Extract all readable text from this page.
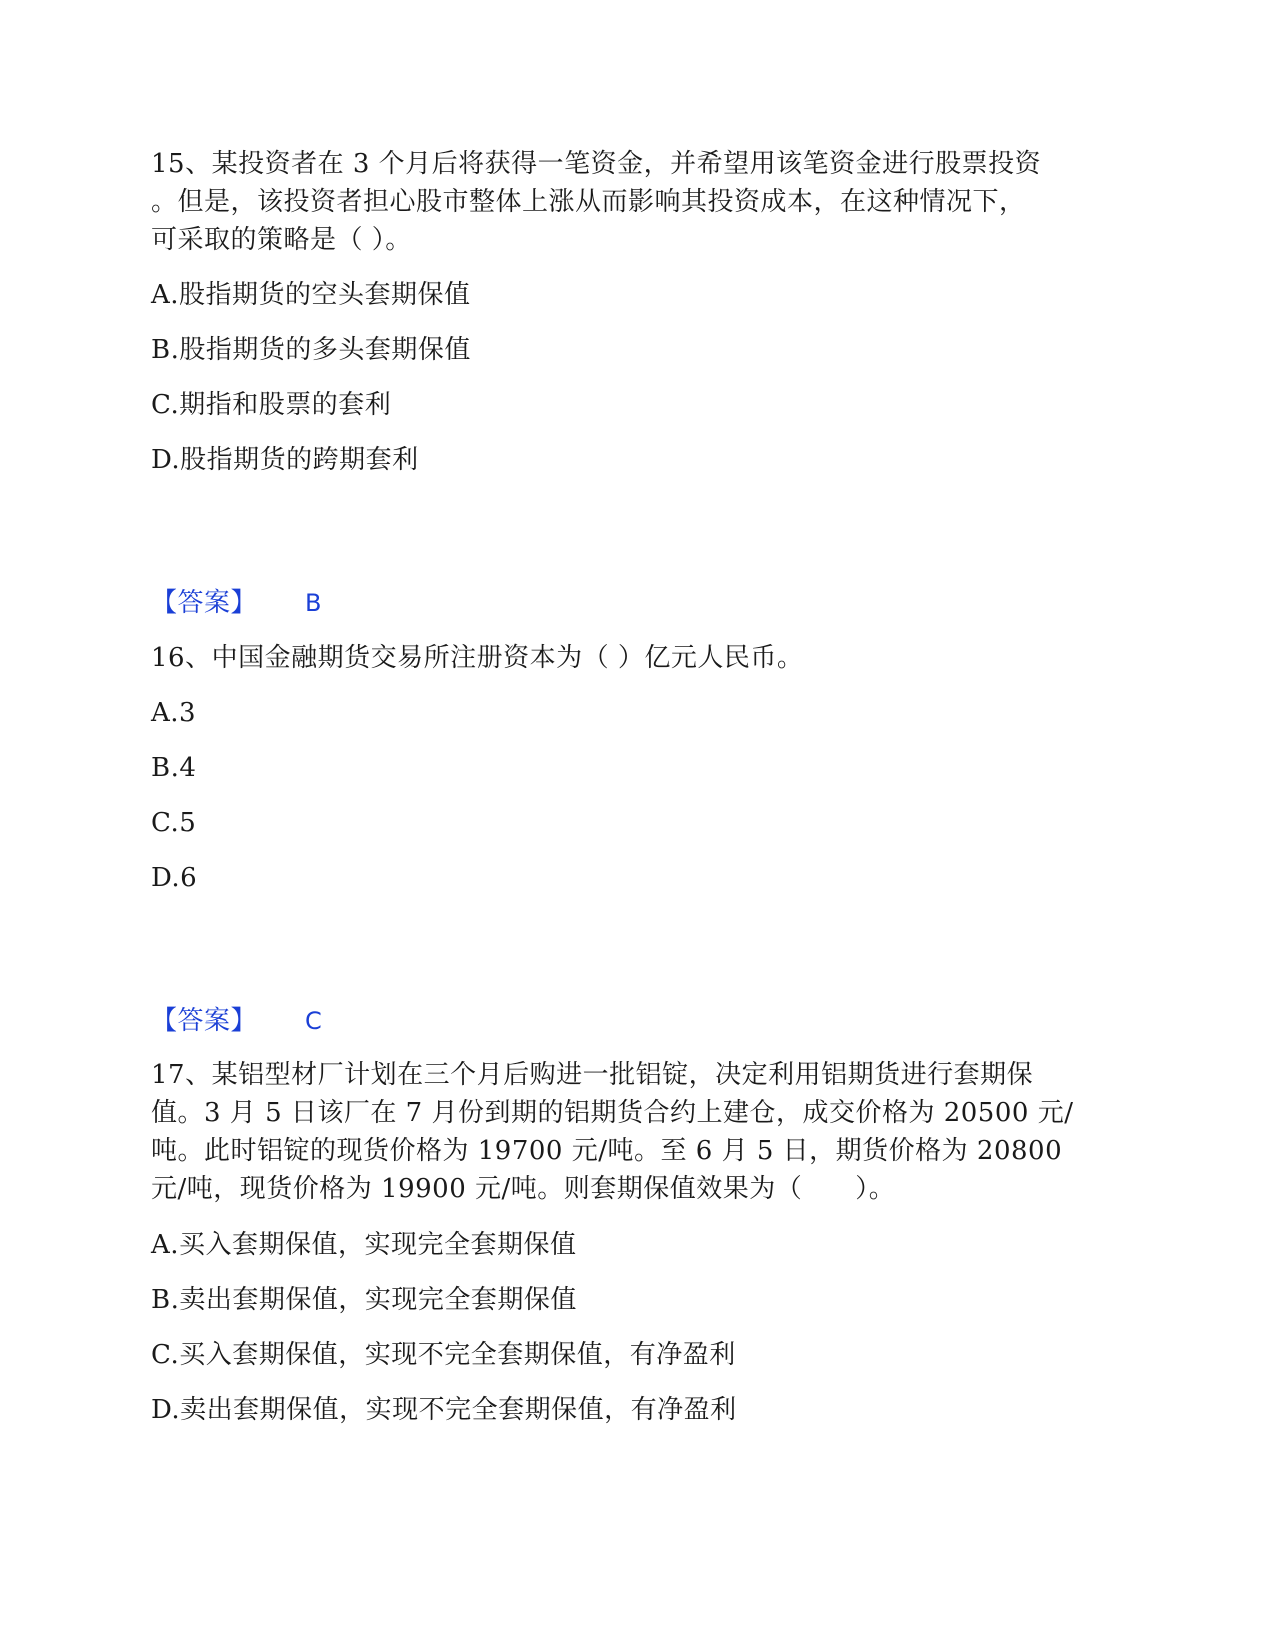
15、某投资者在 3 个月后将获得一笔资金，并希望用该笔资金进行股票投资
。但是，该投资者担心股市整体上涨从而影响其投资成本，在这种情况下，
可采取的策略是（ ）。
A.股指期货的空头套期保值
B.股指期货的多头套期保值
C.期指和股票的套利
D.股指期货的跨期套利
【答案】 B
16、中国金融期货交易所注册资本为（ ）亿元人民币。
A.3
B.4
C.5
D.6
【答案】 C
17、某铝型材厂计划在三个月后购进一批铝锭，决定利用铝期货进行套期保
值。3 月 5 日该厂在 7 月份到期的铝期货合约上建仓，成交价格为 20500 元/
吨。此时铝锭的现货价格为 19700 元/吨。至 6 月 5 日，期货价格为 20800
元/吨，现货价格为 19900 元/吨。则套期保值效果为（　　）。
A.买入套期保值，实现完全套期保值
B.卖出套期保值，实现完全套期保值
C.买入套期保值，实现不完全套期保值，有净盈利
D.卖出套期保值，实现不完全套期保值，有净盈利
